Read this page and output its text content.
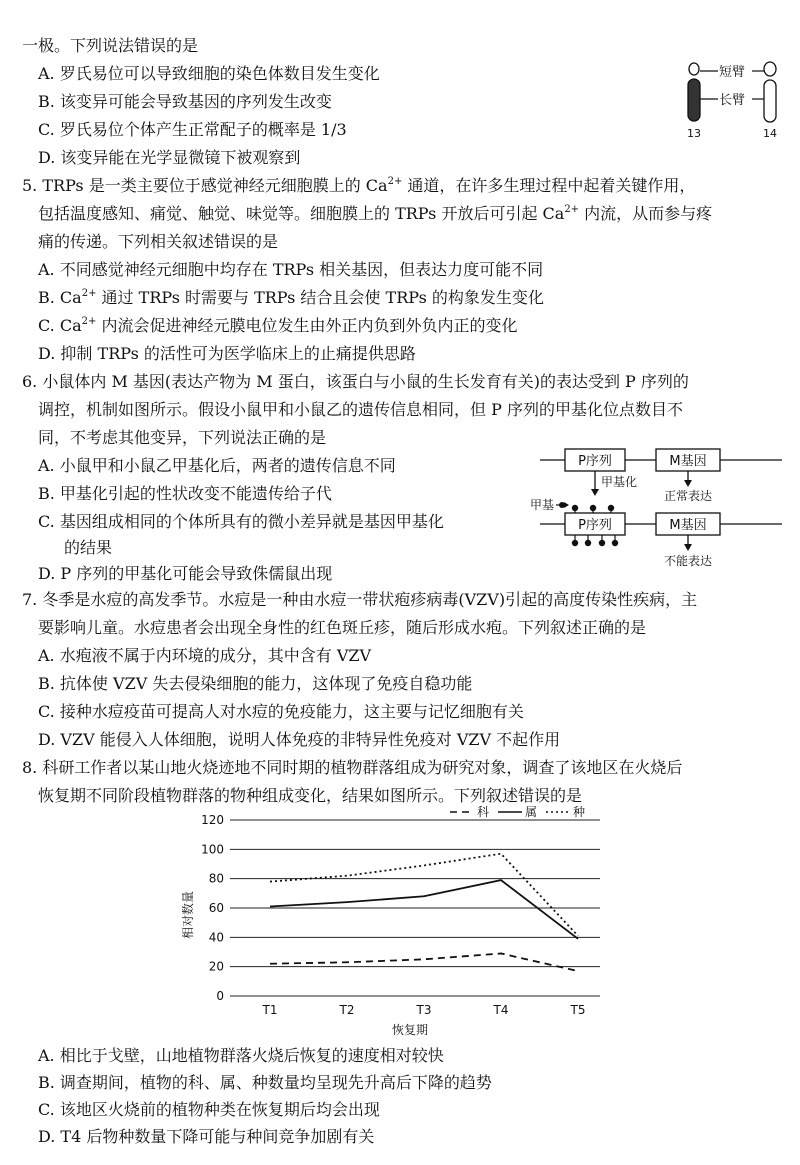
一极。下列说法错误的是
A. 罗氏易位可以导致细胞的染色体数目发生变化
B. 该变异可能会导致基因的序列发生改变
C. 罗氏易位个体产生正常配子的概率是 1/3
D. 该变异能在光学显微镜下被观察到
短臂
长臂
13	14
5. TRPs 是一类主要位于感觉神经元细胞膜上的 $Ca^{2+}$ 通道，在许多生理过程中起着关键作用，
包括温度感知、痛觉、触觉、味觉等。细胞膜上的 TRPs 开放后可引起 $Ca^{2+}$ 内流，从而参与疼
痛的传递。下列相关叙述错误的是
A. 不同感觉神经元细胞中均存在 TRPs 相关基因，但表达力度可能不同
B. $Ca^{2+}$ 通过 TRPs 时需要与 TRPs 结合且会使 TRPs 的构象发生变化
C. $Ca^{2+}$ 内流会促进神经元膜电位发生由外正内负到外负内正的变化
D. 抑制 TRPs 的活性可为医学临床上的止痛提供思路
6. 小鼠体内 M 基因(表达产物为 M 蛋白，该蛋白与小鼠的生长发育有关)的表达受到 P 序列的
调控，机制如图所示。假设小鼠甲和小鼠乙的遗传信息相同，但 P 序列的甲基化位点数目不
同，不考虑其他变异，下列说法正确的是
A. 小鼠甲和小鼠乙甲基化后，两者的遗传信息不同
B. 甲基化引起的性状改变不能遗传给子代
C. 基因组成相同的个体所具有的微小差异就是基因甲基化
的结果
D. P 序列的甲基化可能会导致侏儒鼠出现
P序列	M基因
甲基化
正常表达
甲基
P序列	M基因
不能表达
7. 冬季是水痘的高发季节。水痘是一种由水痘一带状疱疹病毒(VZV)引起的高度传染性疾病，主
要影响儿童。水痘患者会出现全身性的红色斑丘疹，随后形成水疱。下列叙述正确的是
A. 水疱液不属于内环境的成分，其中含有 VZV
B. 抗体使 VZV 失去侵染细胞的能力，这体现了免疫自稳功能
C. 接种水痘疫苗可提高人对水痘的免疫能力，这主要与记忆细胞有关
D. VZV 能侵入人体细胞，说明人体免疫的非特异性免疫对 VZV 不起作用
8. 科研工作者以某山地火烧迹地不同时期的植物群落组成为研究对象，调查了该地区在火烧后
恢复期不同阶段植物群落的物种组成变化，结果如图所示。下列叙述错误的是
0
20
40
60
80
100
120
T1	T2	T3	T4	T5
科	属	种
相对数量
恢复期
A. 相比于戈壁，山地植物群落火烧后恢复的速度相对较快
B. 调查期间，植物的科、属、种数量均呈现先升高后下降的趋势
C. 该地区火烧前的植物种类在恢复期后均会出现
D. T4 后物种数量下降可能与种间竞争加剧有关
